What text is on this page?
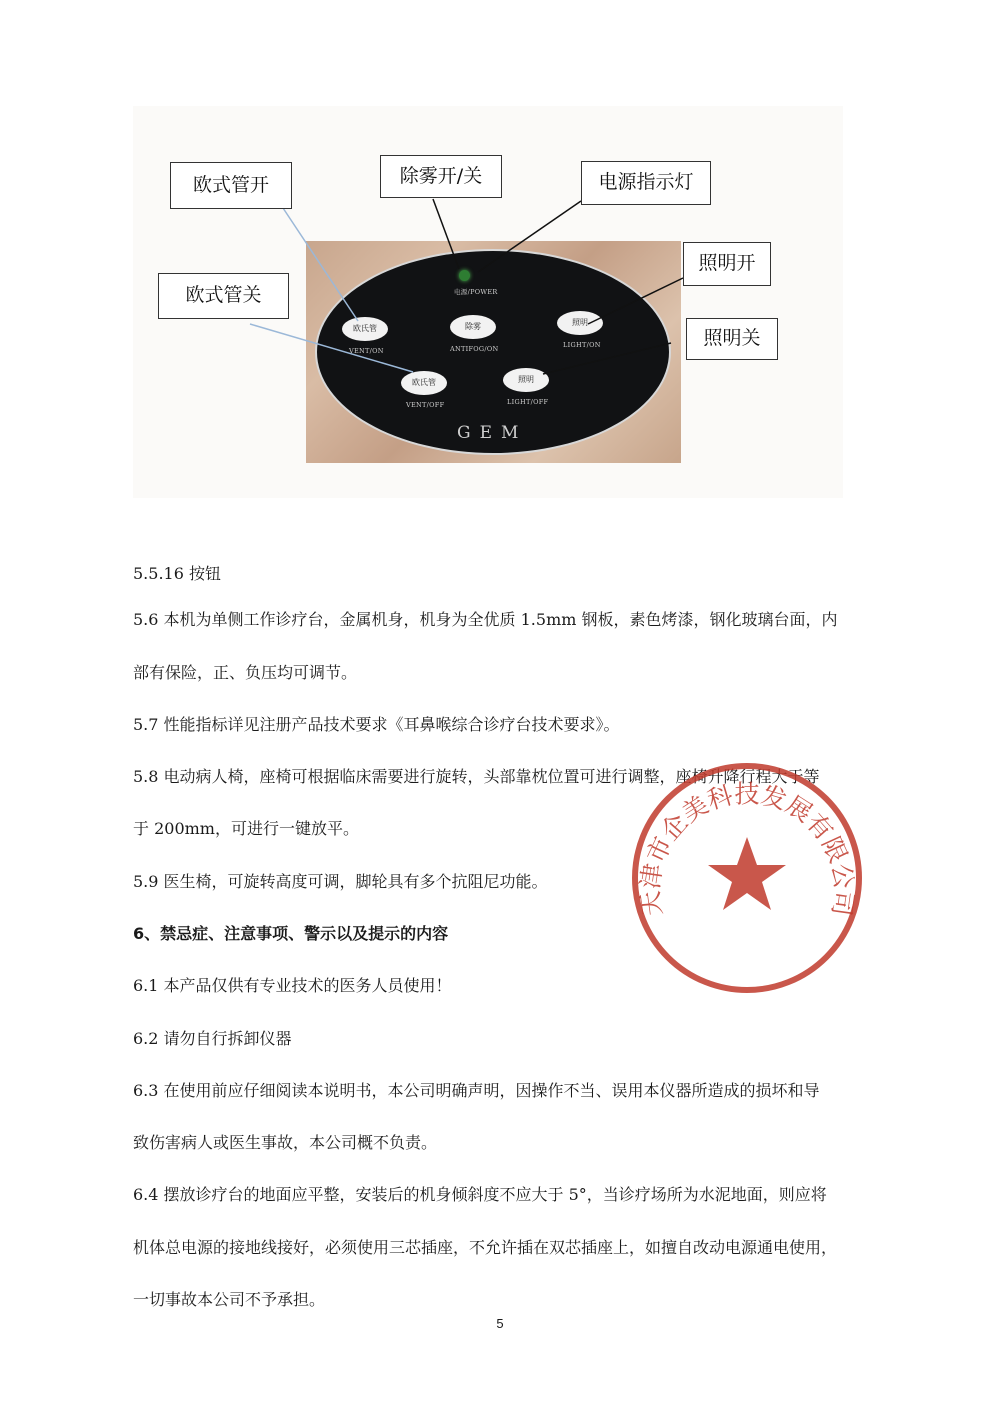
电源/POWER
欧氏管
VENT/ON
除雾
ANTIFOG/ON
照明
LIGHT/ON
欧氏管
VENT/OFF
照明
LIGHT/OFF
GEM
欧式管开
欧式管关
除雾开/关	电源指示灯
照明开
照明关
5.5.16 按钮
5.6 本机为单侧工作诊疗台，金属机身，机身为全优质 1.5mm 钢板，素色烤漆，钢化玻璃台面，内
部有保险，正、负压均可调节。
5.7 性能指标详见注册产品技术要求《耳鼻喉综合诊疗台技术要求》。
5.8 电动病人椅，座椅可根据临床需要进行旋转，头部靠枕位置可进行调整，座椅升降行程大于等
于 200mm，可进行一键放平。
5.9 医生椅，可旋转高度可调，脚轮具有多个抗阻尼功能。
6、禁忌症、注意事项、警示以及提示的内容
6.1 本产品仅供有专业技术的医务人员使用！
6.2 请勿自行拆卸仪器
6.3 在使用前应仔细阅读本说明书，本公司明确声明，因操作不当、误用本仪器所造成的损坏和导
致伤害病人或医生事故，本公司概不负责。
6.4 摆放诊疗台的地面应平整，安装后的机身倾斜度不应大于 5°，当诊疗场所为水泥地面，则应将
机体总电源的接地线接好，必须使用三芯插座，不允许插在双芯插座上，如擅自改动电源通电使用，
一切事故本公司不予承担。
天津市企美科技发展有限公司
5
